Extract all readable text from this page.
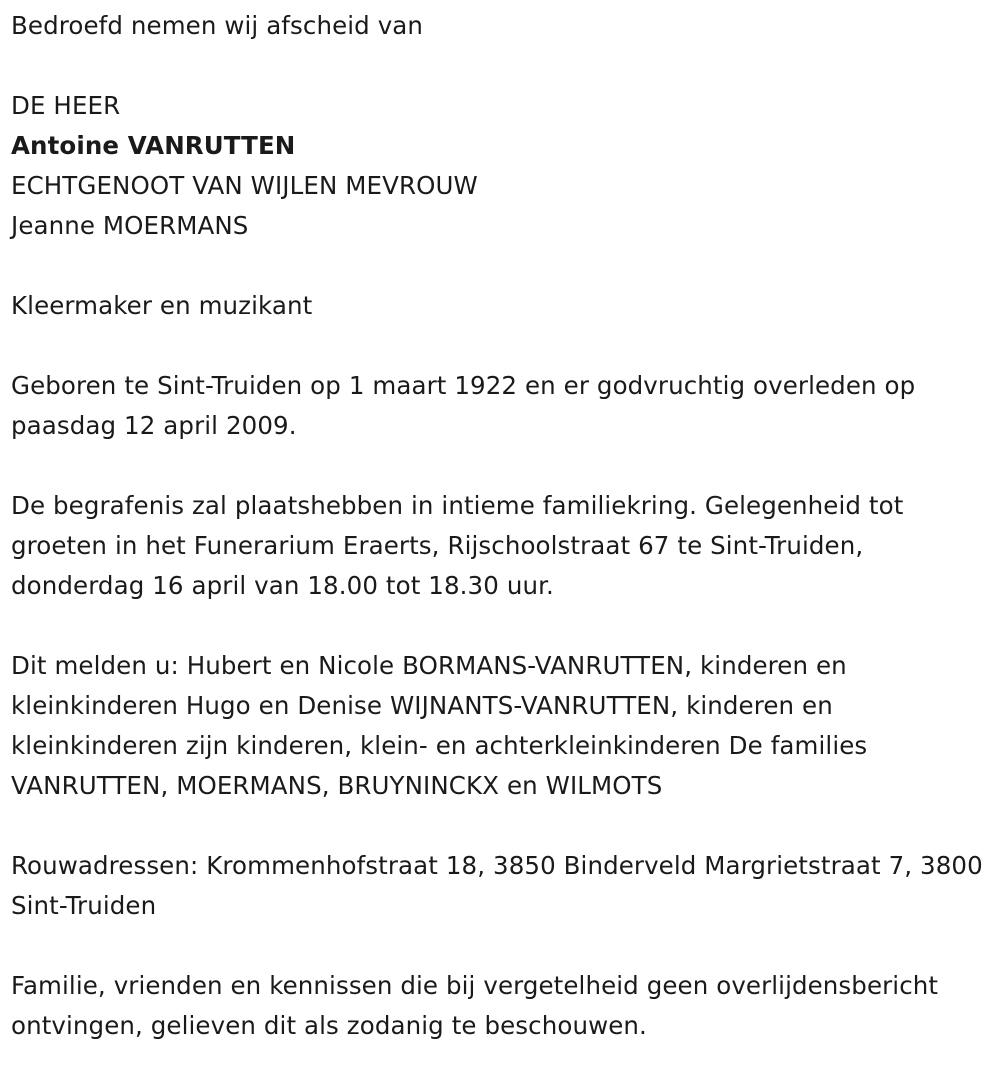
Bedroefd nemen wij afscheid van

DE HEER

Antoine VANRUTTEN

ECHTGENOOT VAN WIJLEN MEVROUW

Jeanne MOERMANS

Kleermaker en muzikant

Geboren te Sint-Truiden op 1 maart 1922 en er godvruchtig overleden op paasdag 12 april 2009.

De begrafenis zal plaatshebben in intieme familiekring. Gelegenheid tot groeten in het Funerarium Eraerts, Rijschoolstraat 67 te Sint-Truiden, donderdag 16 april van 18.00 tot 18.30 uur.

Dit melden u: Hubert en Nicole BORMANS-VANRUTTEN, kinderen en kleinkinderen Hugo en Denise WIJNANTS-VANRUTTEN, kinderen en kleinkinderen zijn kinderen, klein- en achterkleinkinderen De families VANRUTTEN, MOERMANS, BRUYNINCKX en WILMOTS

Rouwadressen: Krommenhofstraat 18, 3850 Binderveld Margrietstraat 7, 3800 Sint-Truiden

Familie, vrienden en kennissen die bij vergetelheid geen overlijdensbericht ontvingen, gelieven dit als zodanig te beschouwen.
